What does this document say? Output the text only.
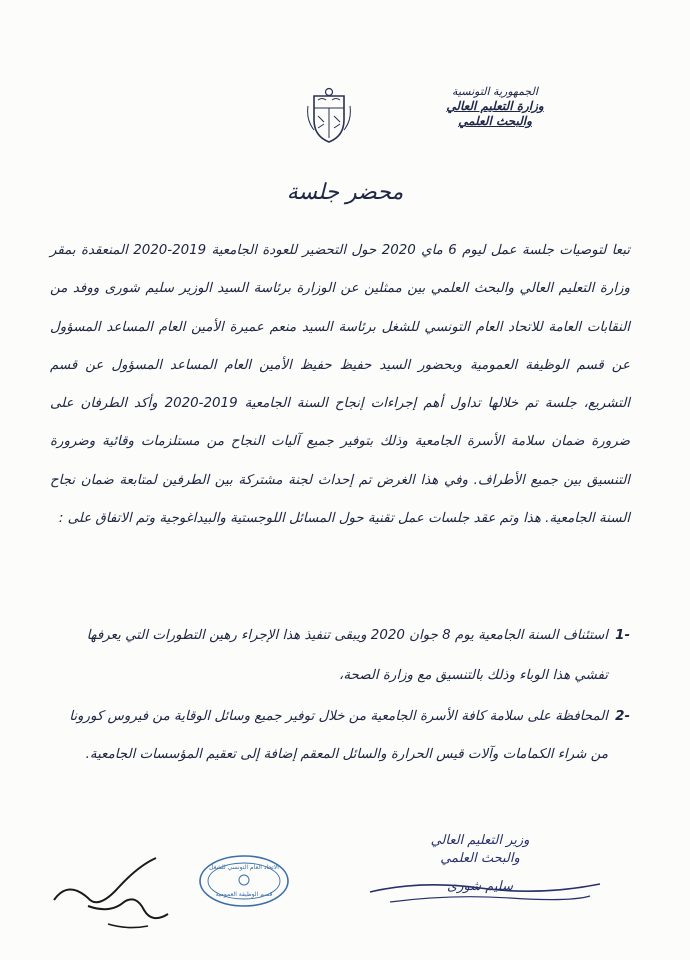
الجمهورية التونسية
وزارة التعليم العالي
والبحث العلمي
محضر جلسة

تبعا لتوصيات جلسة عمل ليوم 6 ماي 2020 حول التحضير للعودة الجامعية 2019-2020 المنعقدة بمقر وزارة التعليم العالي والبحث العلمي بين ممثلين عن الوزارة برئاسة السيد الوزير سليم شورى ووفد من النقابات العامة للاتحاد العام التونسي للشغل برئاسة السيد منعم عميرة الأمين العام المساعد المسؤول عن قسم الوظيفة العمومية وبحضور السيد حفيظ حفيظ الأمين العام المساعد المسؤول عن قسم التشريع، جلسة تم خلالها تداول أهم إجراءات إنجاح السنة الجامعية 2019-2020 وأكد الطرفان على ضرورة ضمان سلامة الأسرة الجامعية وذلك بتوفير جميع آليات النجاح من مستلزمات وقائية وضرورة التنسيق بين جميع الأطراف. وفي هذا الغرض تم إحداث لجنة مشتركة بين الطرفين لمتابعة ضمان نجاح السنة الجامعية. هذا وتم عقد جلسات عمل تقنية حول المسائل اللوجستية والبيداغوجية وتم الاتفاق على :

-1
استئناف السنة الجامعية يوم 8 جوان 2020 ويبقى تنفيذ هذا الإجراء رهين التطورات التي يعرفها تفشي هذا الوباء وذلك بالتنسيق مع وزارة الصحة،
-2
المحافظة على سلامة كافة الأسرة الجامعية من خلال توفير جميع وسائل الوقاية من فيروس كورونا من شراء الكمامات وآلات قيس الحرارة والسائل المعقم إضافة إلى تعقيم المؤسسات الجامعية.
وزير التعليم العالي
والبحث العلمي
سليم شورى
الاتحاد العام التونسي للشغل
قسم الوظيفة العمومية
